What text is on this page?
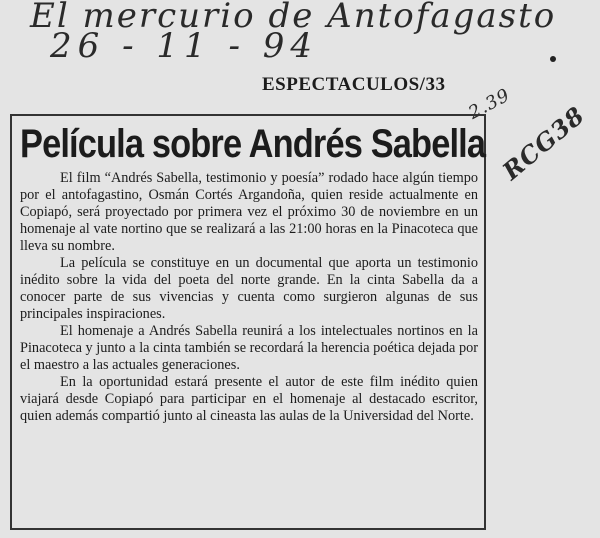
El mercurio de Antofagasto
26 - 11 - 94
2.39
RCG38
ESPECTACULOS/33
Película sobre Andrés Sabella

El film “Andrés Sabella, testimonio y poesía” rodado hace algún tiempo por el antofagastino, Osmán Cortés Argandoña, quien reside actualmente en Copiapó, será proyectado por primera vez el próximo 30 de noviembre en un homenaje al vate nortino que se realizará a las 21:00 horas en la Pinacoteca que lleva su nombre.

La película se constituye en un documental que aporta un testimonio inédito sobre la vida del poeta del norte grande. En la cinta Sabella da a conocer parte de sus vivencias y cuenta como surgieron algunas de sus principales inspiraciones.

El homenaje a Andrés Sabella reunirá a los intelectuales nortinos en la Pinacoteca y junto a la cinta también se recordará la herencia poética dejada por el maestro a las actuales generaciones.

En la oportunidad estará presente el autor de este film inédito quien viajará desde Copiapó para participar en el homenaje al destacado escritor, quien además compartió junto al cineasta las aulas de la Universidad del Norte.
